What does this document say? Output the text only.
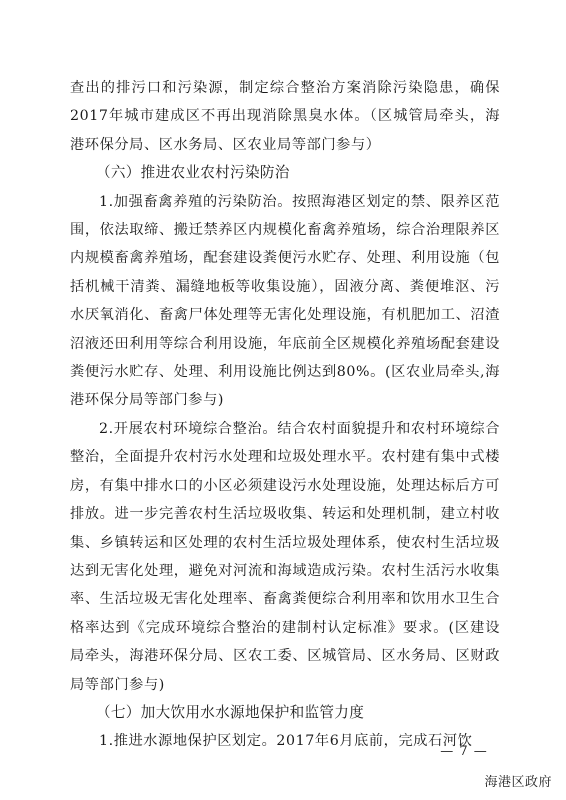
查出的排污口和污染源，制定综合整治方案消除污染隐患，确保2017年城市建成区不再出现消除黑臭水体。（区城管局牵头，海港环保分局、区水务局、区农业局等部门参与）

（六）推进农业农村污染防治

1.加强畜禽养殖的污染防治。按照海港区划定的禁、限养区范围，依法取缔、搬迁禁养区内规模化畜禽养殖场，综合治理限养区内规模畜禽养殖场，配套建设粪便污水贮存、处理、利用设施（包括机械干清粪、漏缝地板等收集设施），固液分离、粪便堆沤、污水厌氧消化、畜禽尸体处理等无害化处理设施，有机肥加工、沼渣沼液还田利用等综合利用设施，年底前全区规模化养殖场配套建设粪便污水贮存、处理、利用设施比例达到80%。(区农业局牵头,海港环保分局等部门参与)

2.开展农村环境综合整治。结合农村面貌提升和农村环境综合整治，全面提升农村污水处理和垃圾处理水平。农村建有集中式楼房，有集中排水口的小区必须建设污水处理设施，处理达标后方可排放。进一步完善农村生活垃圾收集、转运和处理机制，建立村收集、乡镇转运和区处理的农村生活垃圾处理体系，使农村生活垃圾达到无害化处理，避免对河流和海域造成污染。农村生活污水收集率、生活垃圾无害化处理率、畜禽粪便综合利用率和饮用水卫生合格率达到《完成环境综合整治的建制村认定标准》要求。(区建设局牵头，海港环保分局、区农工委、区城管局、区水务局、区财政局等部门参与)

（七）加大饮用水水源地保护和监管力度

1.推进水源地保护区划定。2017年6月底前，完成石河饮

— 7 —
海港区政府
